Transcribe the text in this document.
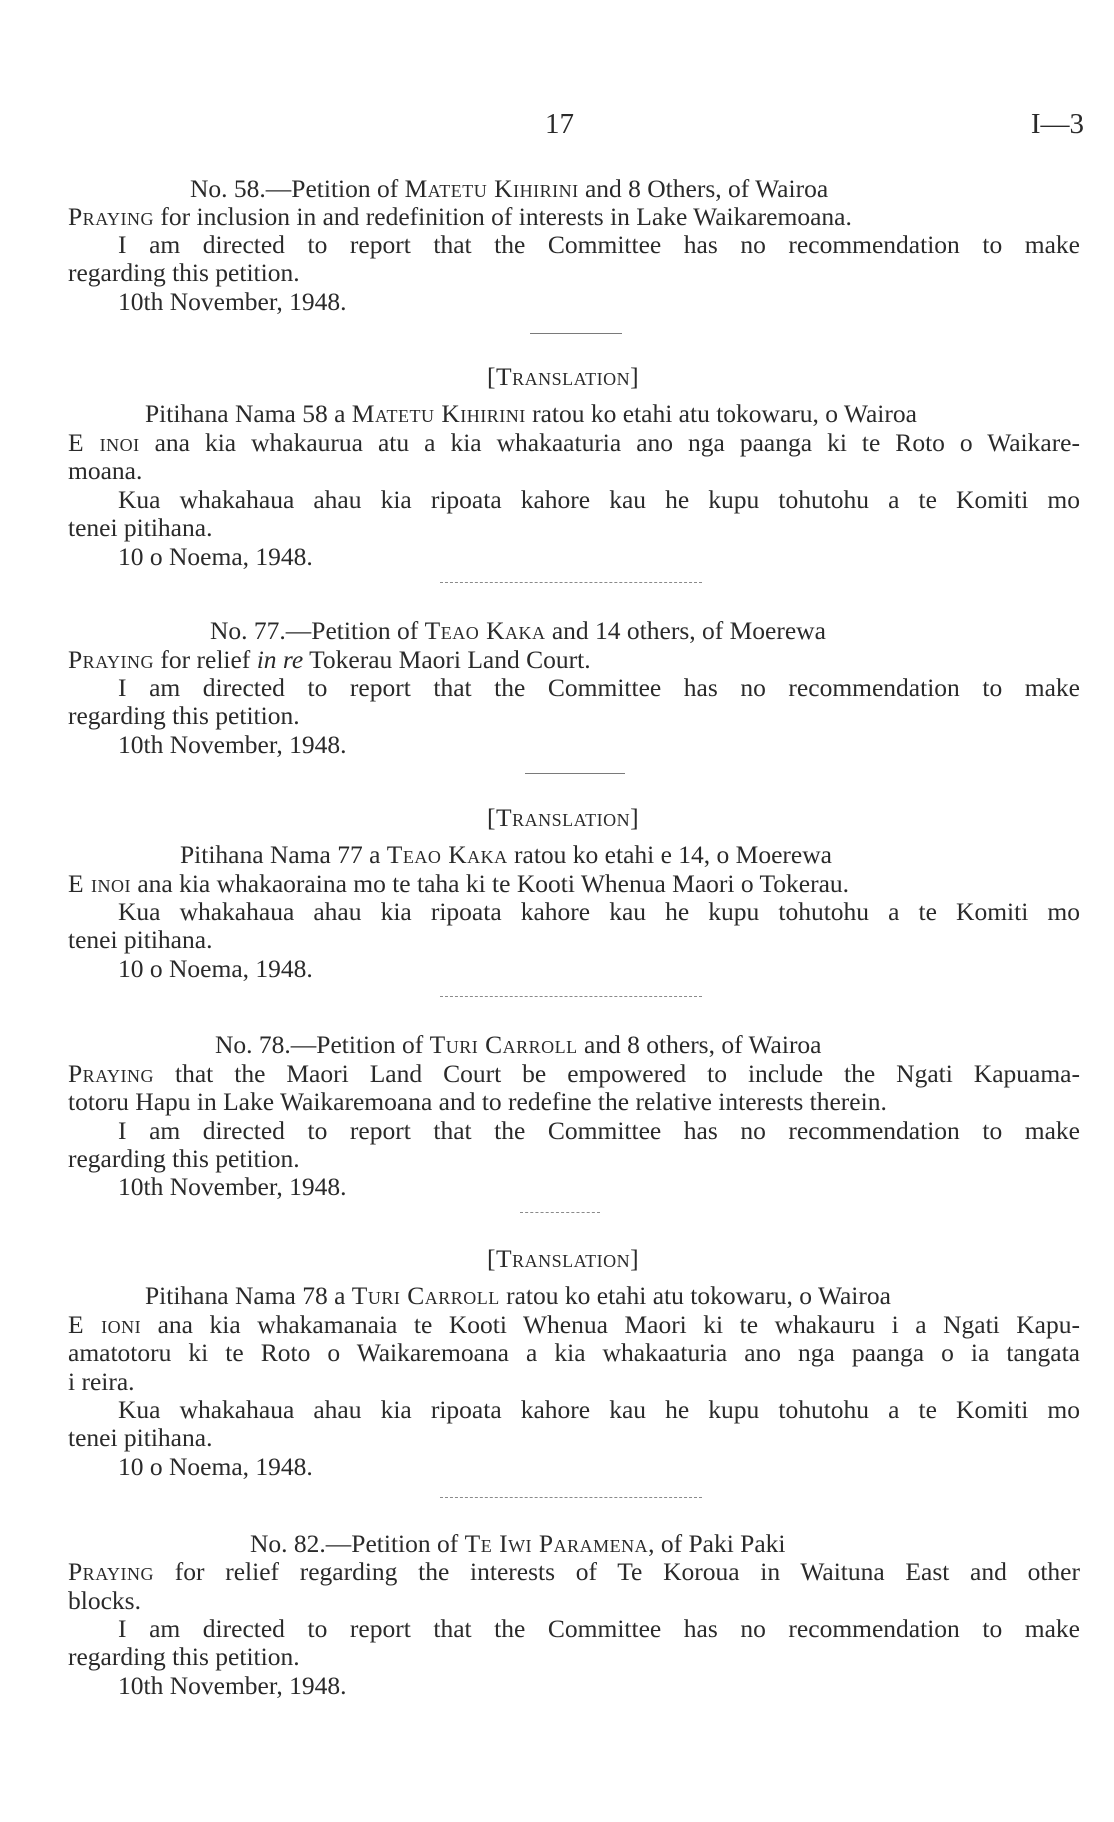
17	I—3
No. 58.—Petition of Matetu Kihirini and 8 Others, of Wairoa
Praying for inclusion in and redefinition of interests in Lake Waikaremoana.
I am directed to report that the Committee has no recommendation to make
regarding this petition.
10th November, 1948.
[Translation]
Pitihana Nama 58 a Matetu Kihirini ratou ko etahi atu tokowaru, o Wairoa
E inoi ana kia whakaurua atu a kia whakaaturia ano nga paanga ki te Roto o Waikare-
moana.
Kua whakahaua ahau kia ripoata kahore kau he kupu tohutohu a te Komiti mo
tenei pitihana.
10 o Noema, 1948.
No. 77.—Petition of Teao Kaka and 14 others, of Moerewa
Praying for relief in re Tokerau Maori Land Court.
I am directed to report that the Committee has no recommendation to make
regarding this petition.
10th November, 1948.
[Translation]
Pitihana Nama 77 a Teao Kaka ratou ko etahi e 14, o Moerewa
E inoi ana kia whakaoraina mo te taha ki te Kooti Whenua Maori o Tokerau.
Kua whakahaua ahau kia ripoata kahore kau he kupu tohutohu a te Komiti mo
tenei pitihana.
10 o Noema, 1948.
No. 78.—Petition of Turi Carroll and 8 others, of Wairoa
Praying that the Maori Land Court be empowered to include the Ngati Kapuama-
totoru Hapu in Lake Waikaremoana and to redefine the relative interests therein.
I am directed to report that the Committee has no recommendation to make
regarding this petition.
10th November, 1948.
[Translation]
Pitihana Nama 78 a Turi Carroll ratou ko etahi atu tokowaru, o Wairoa
E ioni ana kia whakamanaia te Kooti Whenua Maori ki te whakauru i a Ngati Kapu-
amatotoru ki te Roto o Waikaremoana a kia whakaaturia ano nga paanga o ia tangata
i reira.
Kua whakahaua ahau kia ripoata kahore kau he kupu tohutohu a te Komiti mo
tenei pitihana.
10 o Noema, 1948.
No. 82.—Petition of Te Iwi Paramena, of Paki Paki
Praying for relief regarding the interests of Te Koroua in Waituna East and other
blocks.
I am directed to report that the Committee has no recommendation to make
regarding this petition.
10th November, 1948.
